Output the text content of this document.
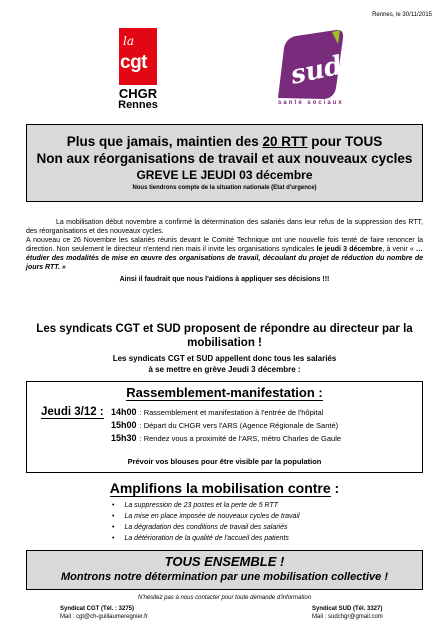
Rennes, le 30/11/2015
la
cgt
CHGR
Rennes
sud
santé sociaux
Plus que jamais, maintien des 20 RTT pour TOUS
Non aux réorganisations de travail et aux nouveaux cycles
GREVE LE JEUDI 03 décembre
Nous tiendrons compte de la situation nationale (Etat d'urgence)

La mobilisation début novembre a confirmé la détermination des salariés dans leur refus de la suppression des RTT, des réorganisations et des nouveaux cycles.

A nouveau ce 26 Novembre les salariés réunis devant le Comité Technique ont une nouvelle fois tenté de faire renoncer la direction. Non seulement le directeur n'entend rien mais il invite les organisations syndicales le jeudi 3 décembre, à venir « … étudier des modalités de mise en œuvre des organisations de travail, découlant du projet de réduction du nombre de jours RTT. »

Ainsi il faudrait que nous l'aidions à appliquer ses décisions !!!

Les syndicats CGT et SUD proposent de répondre au directeur par la mobilisation !
Les syndicats CGT et SUD appellent donc tous les salariés
à se mettre en grève Jeudi 3 décembre :
Rassemblement-manifestation :
Jeudi 3/12 : 14h00 : Rassemblement et manifestation à l'entrée de l'hôpital
15h00 : Départ du CHGR vers l'ARS (Agence Régionale de Santé)
15h30 : Rendez vous a proximité de l'ARS, métro Charles de Gaule
Prévoir vos blouses pour être visible par la population
Amplifions la mobilisation contre :
• La suppression de 23 postes et la perte de 5 RTT
• La mise en place imposée de nouveaux cycles de travail
• La dégradation des conditions de travail des salariés
• La détérioration de la qualité de l'accueil des patients
TOUS ENSEMBLE !
Montrons notre détermination par une mobilisation collective !
N'hésitez pas à nous contacter pour toute demande d'information
Syndicat CGT (Tél. : 3275)
Mail : cgt@ch-guillaumeregnier.fr
Syndicat SUD (Tél. 3327)
Mail : sudchgr@gmail.com
